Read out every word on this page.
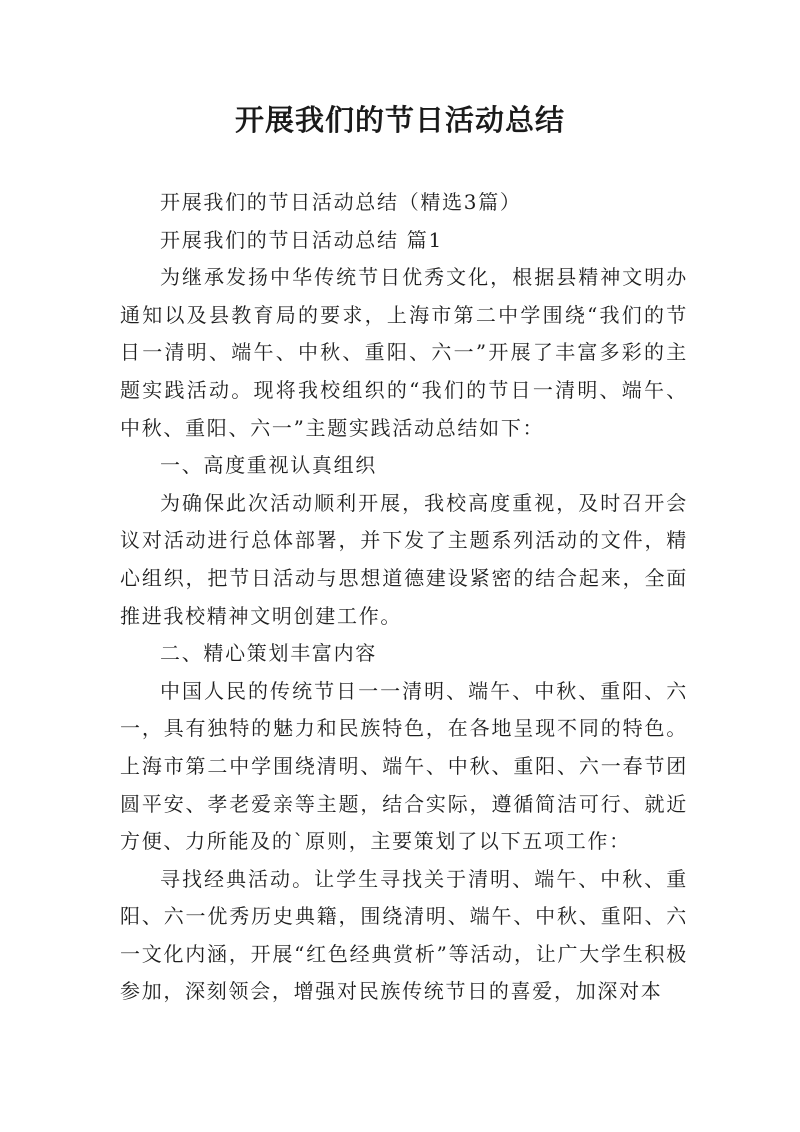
开展我们的节日活动总结

开展我们的节日活动总结（精选3篇）

开展我们的节日活动总结 篇1

为继承发扬中华传统节日优秀文化，根据县精神文明办通知以及县教育局的要求，上海市第二中学围绕“我们的节日一清明、端午、中秋、重阳、六一”开展了丰富多彩的主题实践活动。现将我校组织的“我们的节日一清明、端午、中秋、重阳、六一”主题实践活动总结如下：

一、高度重视认真组织

为确保此次活动顺利开展，我校高度重视，及时召开会议对活动进行总体部署，并下发了主题系列活动的文件，精心组织，把节日活动与思想道德建设紧密的结合起来，全面推进我校精神文明创建工作。

二、精心策划丰富内容

中国人民的传统节日一一清明、端午、中秋、重阳、六一，具有独特的魅力和民族特色，在各地呈现不同的特色。上海市第二中学围绕清明、端午、中秋、重阳、六一春节团圆平安、孝老爱亲等主题，结合实际，遵循简洁可行、就近方便、力所能及的`原则，主要策划了以下五项工作：

寻找经典活动。让学生寻找关于清明、端午、中秋、重阳、六一优秀历史典籍，围绕清明、端午、中秋、重阳、六一文化内涵，开展“红色经典赏析”等活动，让广大学生积极参加，深刻领会，增强对民族传统节日的喜爱，加深对本
